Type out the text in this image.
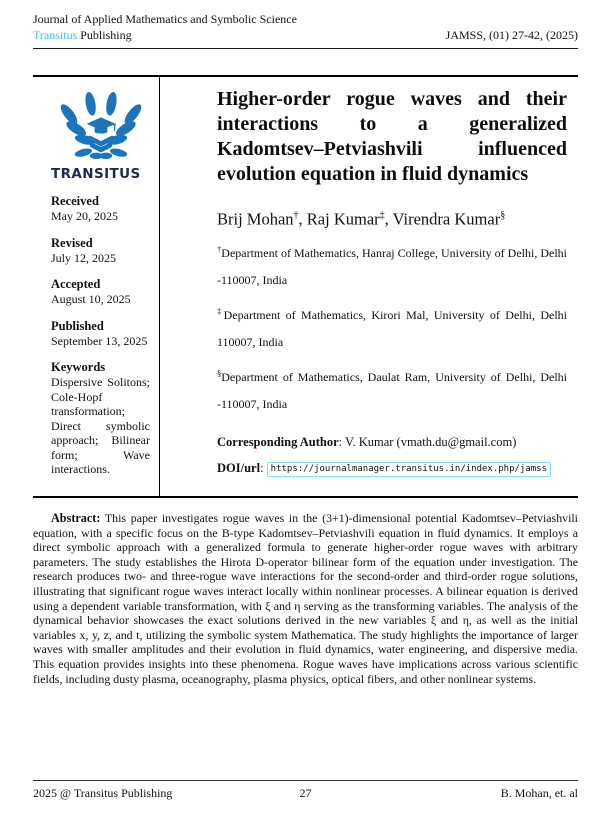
Journal of Applied Mathematics and Symbolic Science
Transitus Publishing	JAMSS, (01) 27-42, (2025)
TRANSITUS
Received
May 20, 2025
Revised
July 12, 2025
Accepted
August 10, 2025
Published
September 13, 2025
Keywords
Dispersive Solitons; Cole-Hopf transformation; Direct symbolic approach; Bilinear form; Wave interactions.
Higher-order rogue waves and their interactions to a generalized Kadomtsev–Petviashvili influenced evolution equation in fluid dynamics
Brij Mohan†, Raj Kumar‡, Virendra Kumar§

†Department of Mathematics, Hanraj College, University of Delhi, Delhi -110007, India

‡Department of Mathematics, Kirori Mal, University of Delhi, Delhi 110007, India

§Department of Mathematics, Daulat Ram, University of Delhi, Delhi -110007, India

Corresponding Author: V. Kumar (vmath.du@gmail.com)

DOI/url: https://journalmanager.transitus.in/index.php/jamss

Abstract: This paper investigates rogue waves in the (3+1)-dimensional potential Kadomtsev–Petviashvili equation, with a specific focus on the B-type Kadomtsev–Petviashvili equation in fluid dynamics. It employs a direct symbolic approach with a generalized formula to generate higher-order rogue waves with arbitrary parameters. The study establishes the Hirota D-operator bilinear form of the equation under investigation. The research produces two- and three-rogue wave interactions for the second-order and third-order rogue solutions, illustrating that significant rogue waves interact locally within nonlinear processes. A bilinear equation is derived using a dependent variable transformation, with ξ and η serving as the transforming variables. The analysis of the dynamical behavior showcases the exact solutions derived in the new variables ξ and η, as well as the initial variables x, y, z, and t, utilizing the symbolic system Mathematica. The study highlights the importance of larger waves with smaller amplitudes and their evolution in fluid dynamics, water engineering, and dispersive media. This equation provides insights into these phenomena. Rogue waves have implications across various scientific fields, including dusty plasma, oceanography, plasma physics, optical fibers, and other nonlinear systems.

2025 @ Transitus Publishing	27	B. Mohan, et. al
